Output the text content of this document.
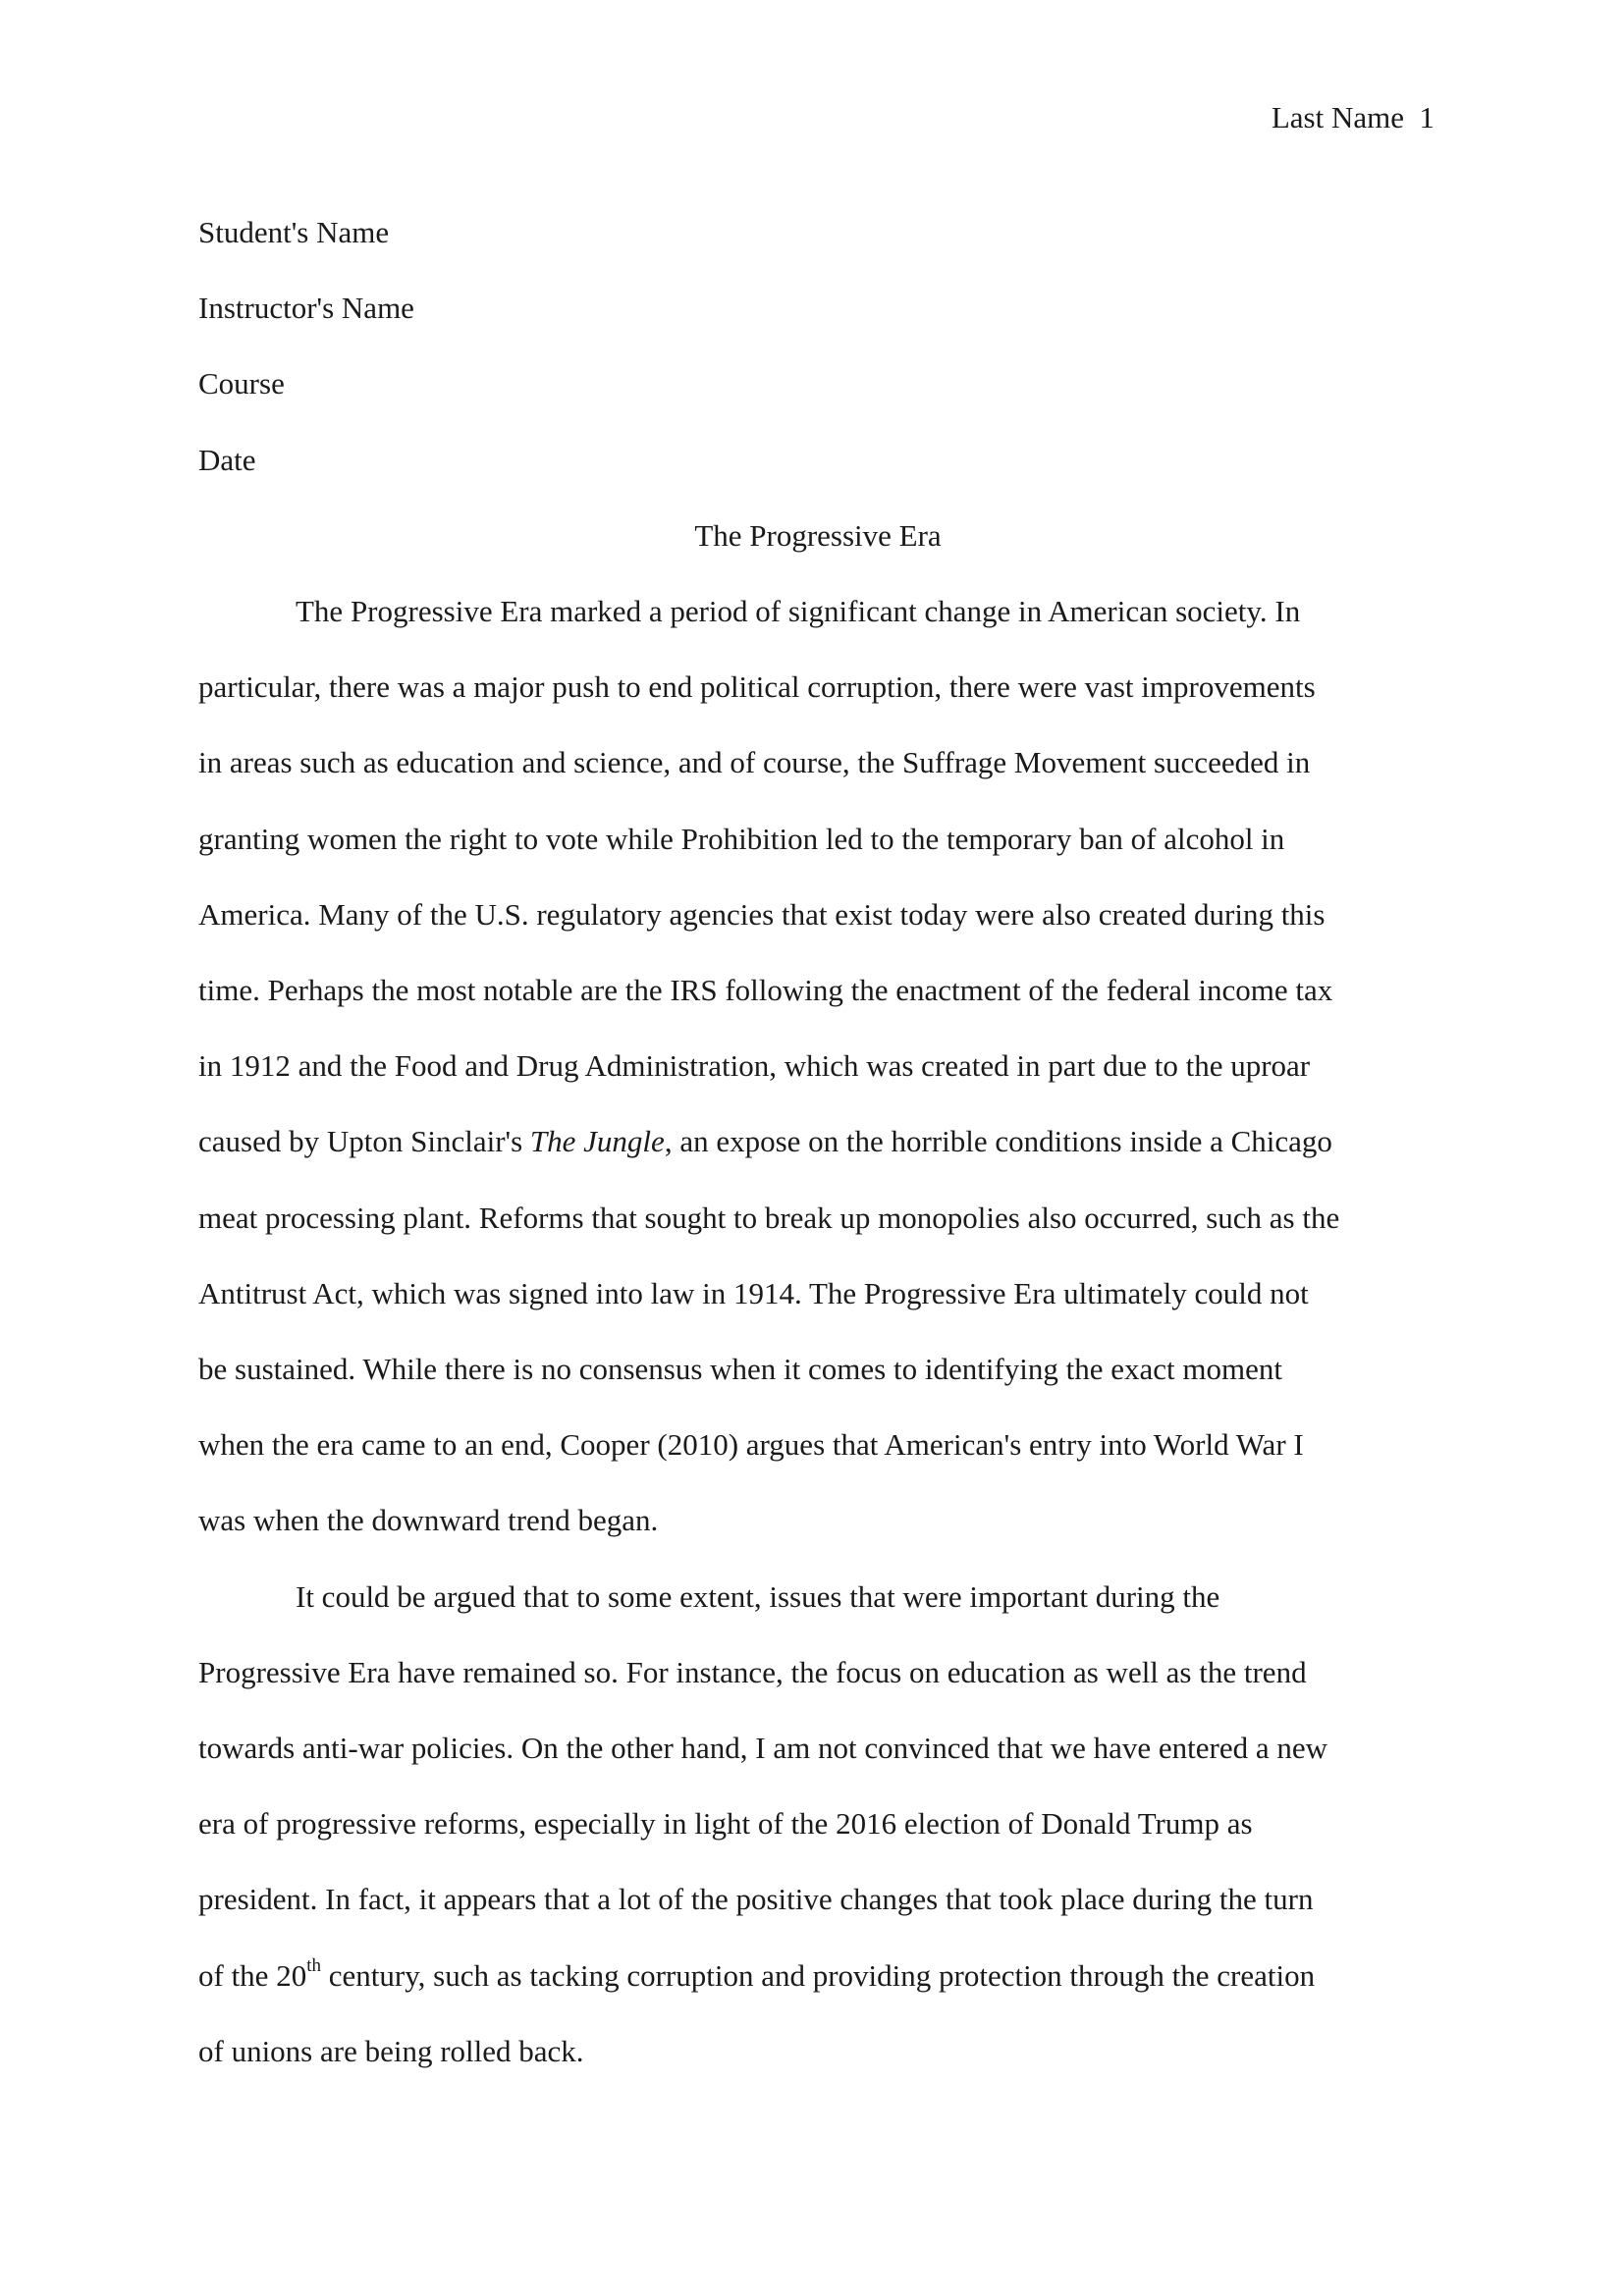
Last Name 1

Student's Name

Instructor's Name

Course

Date

The Progressive Era

The Progressive Era marked a period of significant change in American society. In
particular, there was a major push to end political corruption, there were vast improvements
in areas such as education and science, and of course, the Suffrage Movement succeeded in
granting women the right to vote while Prohibition led to the temporary ban of alcohol in
America. Many of the U.S. regulatory agencies that exist today were also created during this
time. Perhaps the most notable are the IRS following the enactment of the federal income tax
in 1912 and the Food and Drug Administration, which was created in part due to the uproar
caused by Upton Sinclair's The Jungle, an expose on the horrible conditions inside a Chicago
meat processing plant. Reforms that sought to break up monopolies also occurred, such as the
Antitrust Act, which was signed into law in 1914. The Progressive Era ultimately could not
be sustained. While there is no consensus when it comes to identifying the exact moment
when the era came to an end, Cooper (2010) argues that American's entry into World War I
was when the downward trend began.

It could be argued that to some extent, issues that were important during the
Progressive Era have remained so. For instance, the focus on education as well as the trend
towards anti-war policies. On the other hand, I am not convinced that we have entered a new
era of progressive reforms, especially in light of the 2016 election of Donald Trump as
president. In fact, it appears that a lot of the positive changes that took place during the turn
of the 20th century, such as tacking corruption and providing protection through the creation
of unions are being rolled back.
